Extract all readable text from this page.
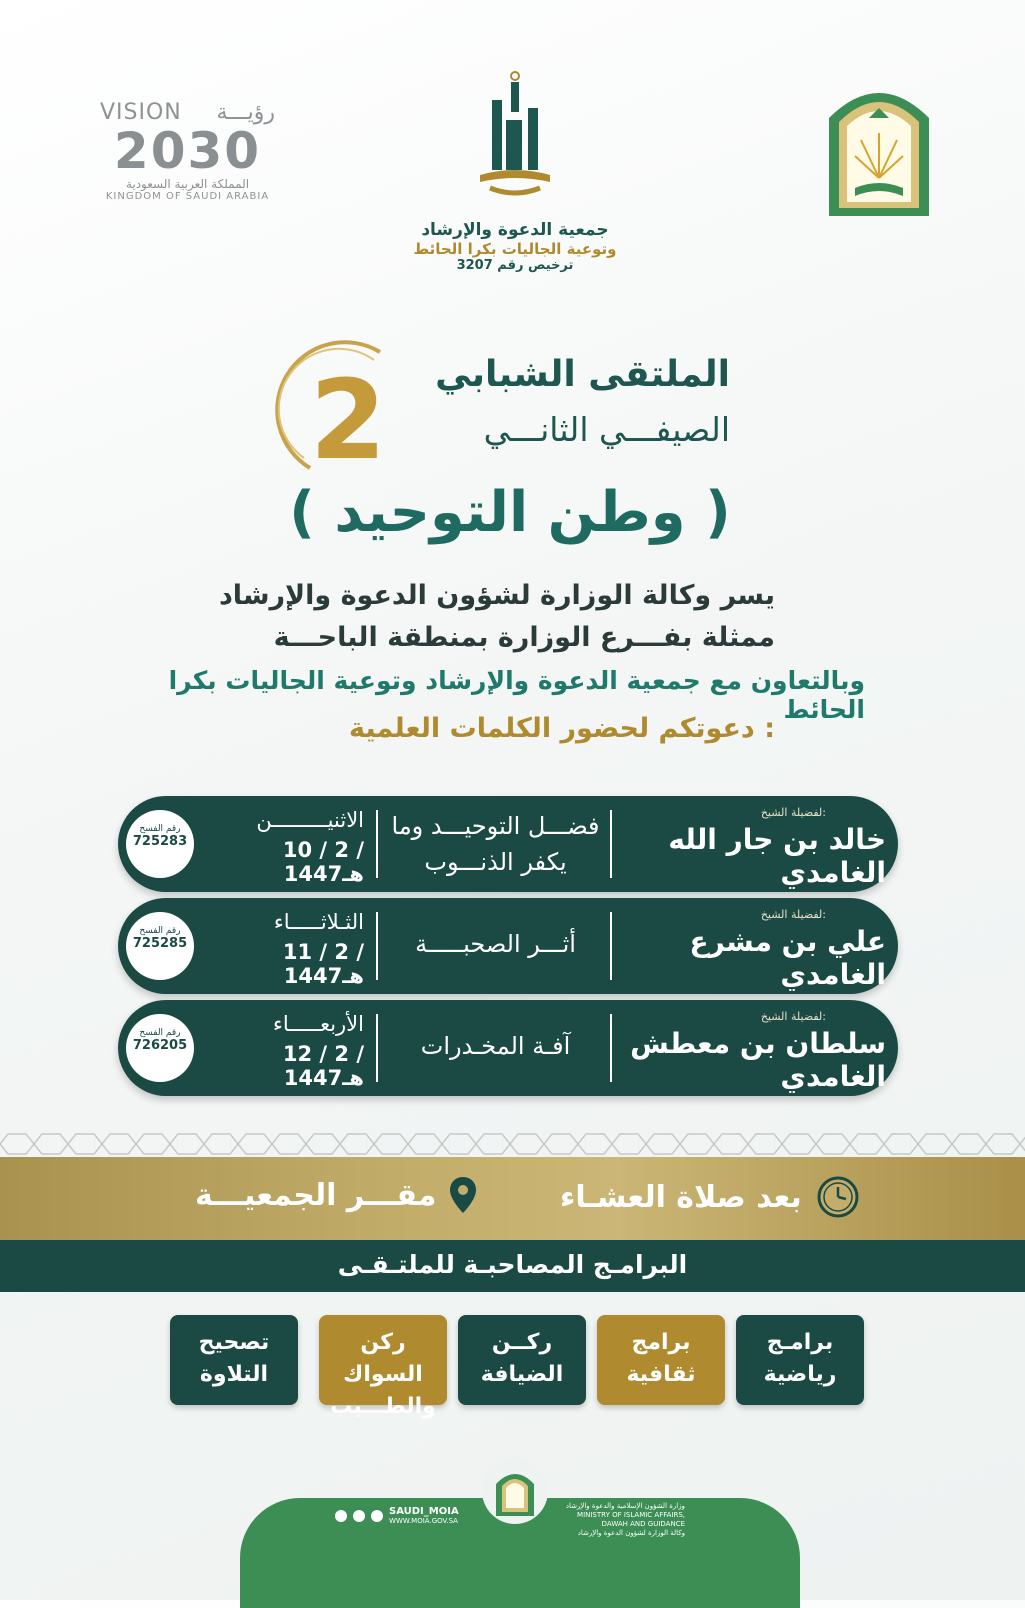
VISION رؤيـــة
2030
المملكة العربية السعودية
KINGDOM OF SAUDI ARABIA
جمعية الدعوة والإرشاد
وتوعية الجاليات بكرا الحائط
ترخيص رقم 3207
2 الملتقى الشبابي
الصيفـــي الثانـــي
( وطن التوحيد )
يسر وكالة الوزارة لشؤون الدعوة والإرشاد
ممثلة بفـــرع الوزارة بمنطقة الباحـــة
وبالتعاون مع جمعية الدعوة والإرشاد وتوعية الجاليات بكرا الحائط
دعوتكم لحضور الكلمات العلمية :
رقم الفسح
725283
الاثنيـــــــــن
10 / 2 / 1447هـ
فضـــل التوحيـــد وما يكفر الذنـــوب
لفضيلة الشيخ:
خالد بن جار الله الغامدي
رقم الفسح
725285
الثـلاثـــــاء
11 / 2 / 1447هـ
أثـــر الصحبـــــة
لفضيلة الشيخ:
علي بن مشرع الغامدي
رقم الفسح
726205
الأربعـــــاء
12 / 2 / 1447هـ
آفـة المخـدرات
لفضيلة الشيخ:
سلطان بن معطش الغامدي
بعد صلاة العشـاء
مقـــر الجمعيـــة
البرامـج المصاحبـة للملتـقـى
برامـج
رياضية
برامج
ثقافية
ركــن
الضيافة
ركن السواك
والطـــيب
تصحيح
التلاوة
SAUDI_MOIA
WWW.MOIA.GOV.SA
وزارة الشؤون الإسلامية والدعوة والإرشاد
MINISTRY OF ISLAMIC AFFAIRS, DAWAH AND GUIDANCE
وكالة الوزارة لشؤون الدعوة والإرشاد
